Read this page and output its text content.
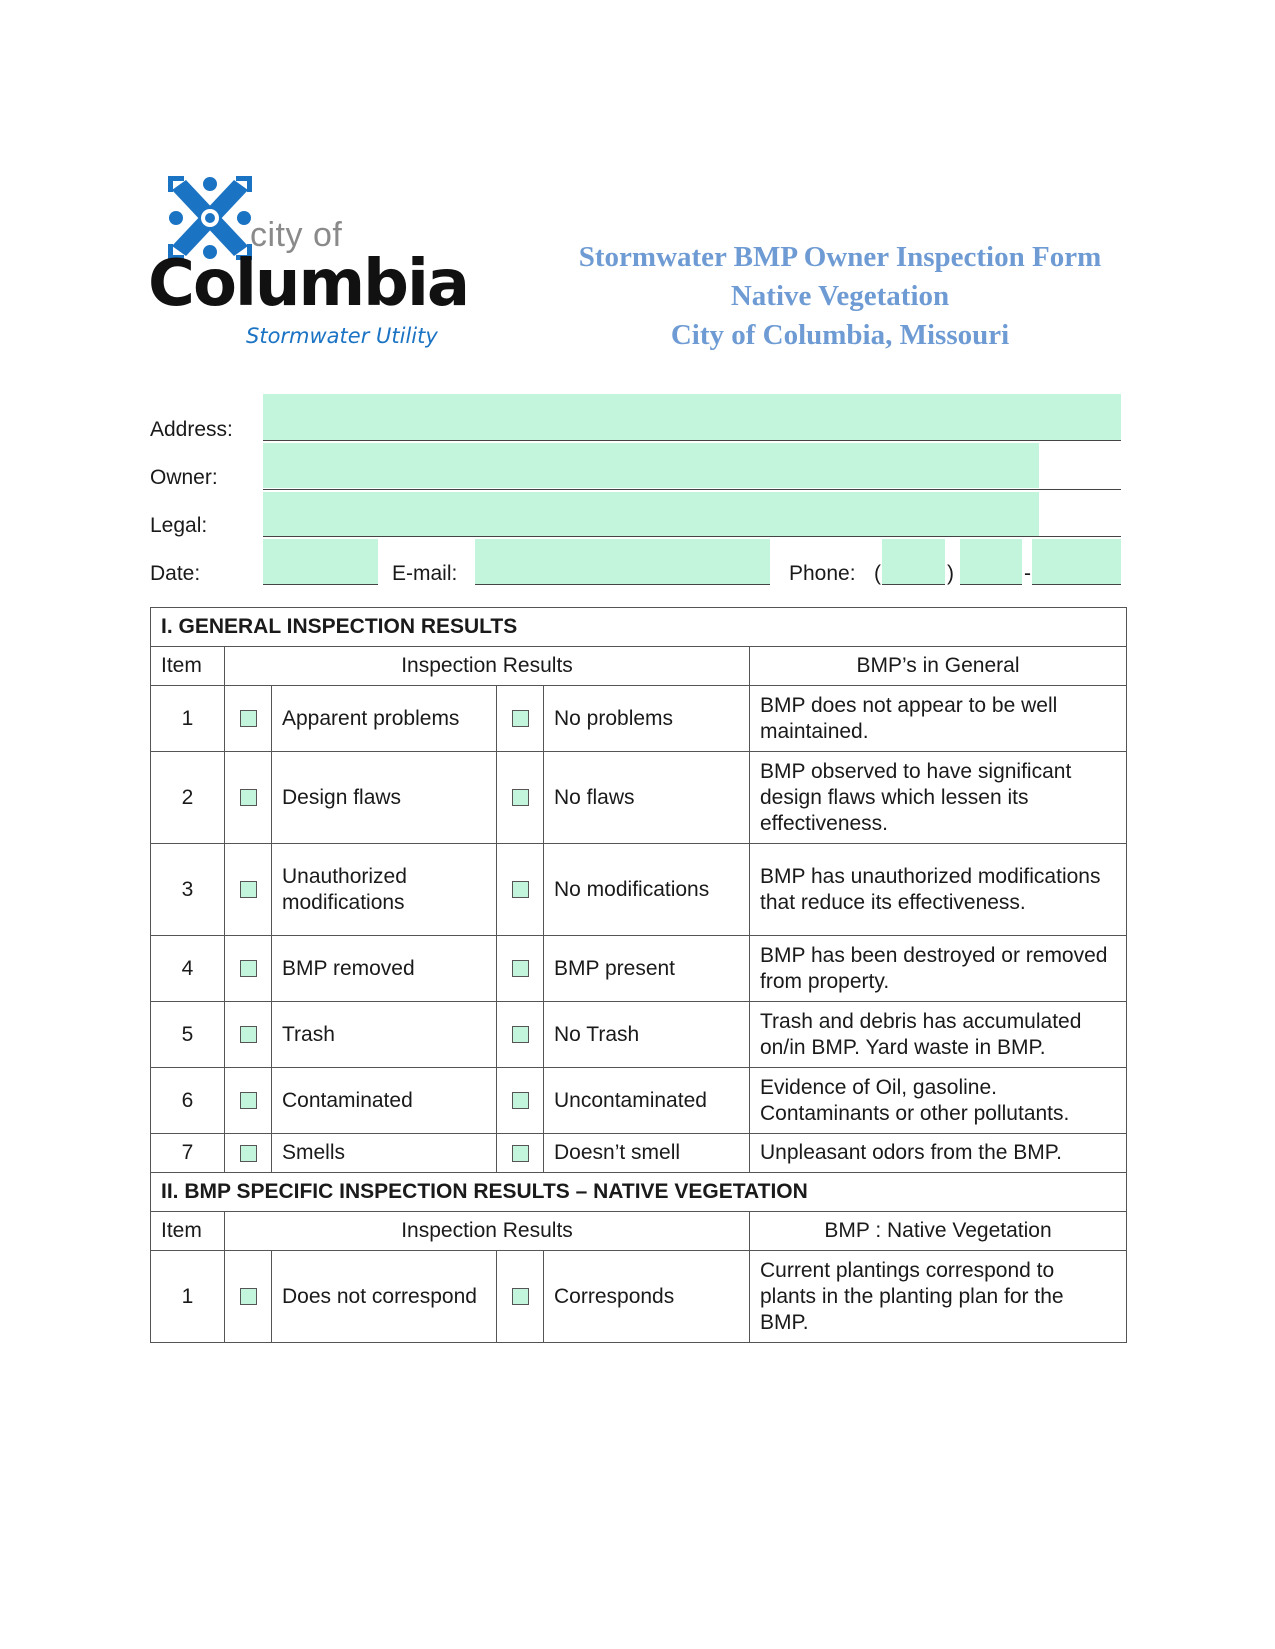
city of
Columbia
Stormwater Utility
Stormwater BMP Owner Inspection Form
Native Vegetation
City of Columbia, Missouri
Address:
Owner:
Legal:
Date:	E-mail:	Phone: (	)	-
I. GENERAL INSPECTION RESULTS					
Item	Inspection Results				BMP’s in General
1		Apparent problems		No problems	BMP does not appear to be well maintained.
2		Design flaws		No flaws	BMP observed to have significant design flaws which lessen its effectiveness.
3		Unauthorized modifications		No modifications	BMP has unauthorized modifications that reduce its effectiveness.
4		BMP removed		BMP present	BMP has been destroyed or removed from property.
5		Trash		No Trash	Trash and debris has accumulated on/in BMP. Yard waste in BMP.
6		Contaminated		Uncontaminated	Evidence of Oil, gasoline. Contaminants or other pollutants.
7		Smells		Doesn’t smell	Unpleasant odors from the BMP.
II. BMP SPECIFIC INSPECTION RESULTS – NATIVE VEGETATION					
Item	Inspection Results				BMP : Native Vegetation
1		Does not correspond		Corresponds	Current plantings correspond to plants in the planting plan for the BMP.
